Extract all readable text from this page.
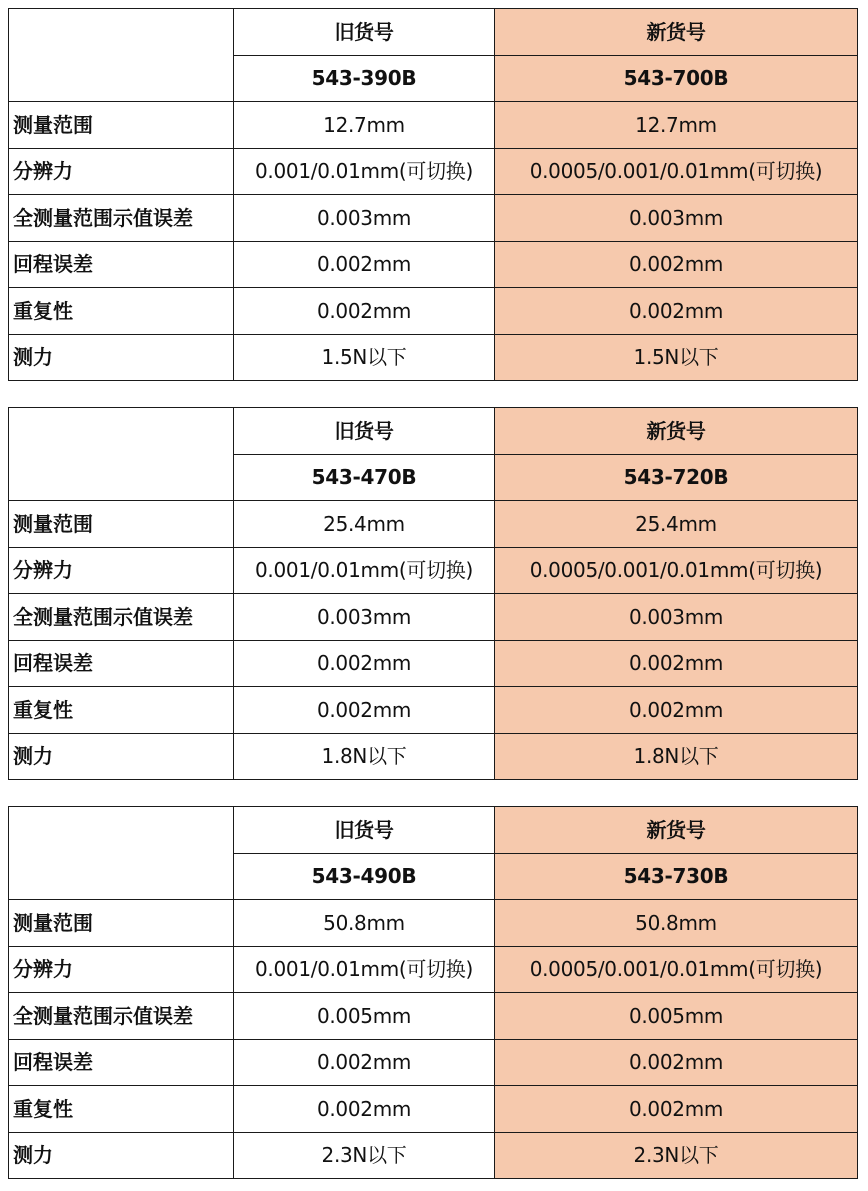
	旧货号	新货号
	543-390B	543-700B
测量范围	12.7mm	12.7mm
分辨力	0.001/0.01mm(可切换)	0.0005/0.001/0.01mm(可切换)
全测量范围示值误差	0.003mm	0.003mm
回程误差	0.002mm	0.002mm
重复性	0.002mm	0.002mm
测力	1.5N以下	1.5N以下
	旧货号	新货号
	543-470B	543-720B
测量范围	25.4mm	25.4mm
分辨力	0.001/0.01mm(可切换)	0.0005/0.001/0.01mm(可切换)
全测量范围示值误差	0.003mm	0.003mm
回程误差	0.002mm	0.002mm
重复性	0.002mm	0.002mm
测力	1.8N以下	1.8N以下
	旧货号	新货号
	543-490B	543-730B
测量范围	50.8mm	50.8mm
分辨力	0.001/0.01mm(可切换)	0.0005/0.001/0.01mm(可切换)
全测量范围示值误差	0.005mm	0.005mm
回程误差	0.002mm	0.002mm
重复性	0.002mm	0.002mm
测力	2.3N以下	2.3N以下
